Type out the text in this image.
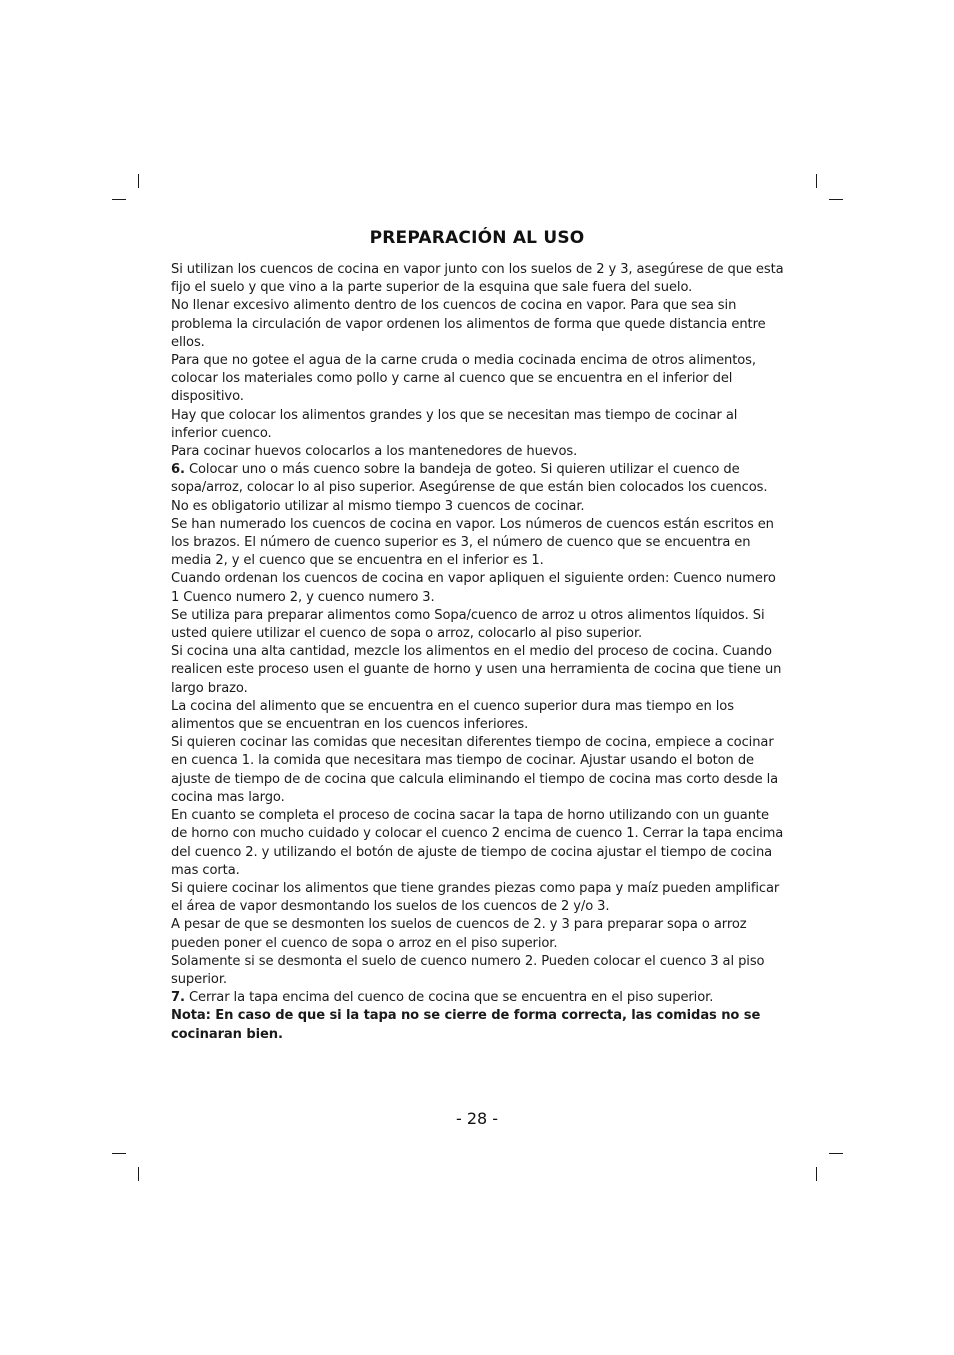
PREPARACIÓN AL USO

Si utilizan los cuencos de cocina en vapor junto con los suelos de 2 y 3, asegúrese de que esta fijo el suelo y que vino a la parte superior de la esquina que sale fuera del suelo.

No llenar excesivo alimento dentro de los cuencos de cocina en vapor. Para que sea sin problema la circulación de vapor ordenen los alimentos de forma que quede distancia entre ellos.

Para que no gotee el agua de la carne cruda o media cocinada encima de otros alimentos, colocar los materiales como pollo y carne al cuenco que se encuentra en el inferior del dispositivo.

Hay que colocar los alimentos grandes y los que se necesitan mas tiempo de cocinar al inferior cuenco.

Para cocinar huevos colocarlos a los mantenedores de huevos.

6. Colocar uno o más cuenco sobre la bandeja de goteo. Si quieren utilizar el cuenco de sopa/arroz, colocar lo al piso superior. Asegúrense de que están bien colocados los cuencos.

No es obligatorio utilizar al mismo tiempo 3 cuencos de cocinar.

Se han numerado los cuencos de cocina en vapor. Los números de cuencos están escritos en los brazos. El número de cuenco superior es 3, el número de cuenco que se encuentra en media 2, y el cuenco que se encuentra en el inferior es 1.

Cuando ordenan los cuencos de cocina en vapor apliquen el siguiente orden: Cuenco numero 1 Cuenco numero 2, y cuenco numero 3.

Se utiliza para preparar alimentos como Sopa/cuenco de arroz u otros alimentos líquidos. Si usted quiere utilizar el cuenco de sopa o arroz, colocarlo al piso superior.

Si cocina una alta cantidad, mezcle los alimentos en el medio del proceso de cocina. Cuando realicen este proceso usen el guante de horno y usen una herramienta de cocina que tiene un largo brazo.

La cocina del alimento que se encuentra en el cuenco superior dura mas tiempo en los alimentos que se encuentran en los cuencos inferiores.

Si quieren cocinar las comidas que necesitan diferentes tiempo de cocina, empiece a cocinar en cuenca 1. la comida que necesitara mas tiempo de cocinar. Ajustar usando el boton de ajuste de tiempo de de cocina que calcula eliminando el tiempo de cocina mas corto desde la cocina mas largo.

En cuanto se completa el proceso de cocina sacar la tapa de horno utilizando con un guante de horno con mucho cuidado y colocar el cuenco 2 encima de cuenco 1. Cerrar la tapa encima del cuenco 2. y utilizando el botón de ajuste de tiempo de cocina ajustar el tiempo de cocina mas corta.

Si quiere cocinar los alimentos que tiene grandes piezas como papa y maíz pueden amplificar el área de vapor desmontando los suelos de los cuencos de 2 y/o 3.

A pesar de que se desmonten los suelos de cuencos de 2. y 3 para preparar sopa o arroz pueden poner el cuenco de sopa o arroz en el piso superior.

Solamente si se desmonta el suelo de cuenco numero 2. Pueden colocar el cuenco 3 al piso superior.

7. Cerrar la tapa encima del cuenco de cocina que se encuentra en el piso superior.

Nota: En caso de que si la tapa no se cierre de forma correcta, las comidas no se cocinaran bien.

- 28 -
